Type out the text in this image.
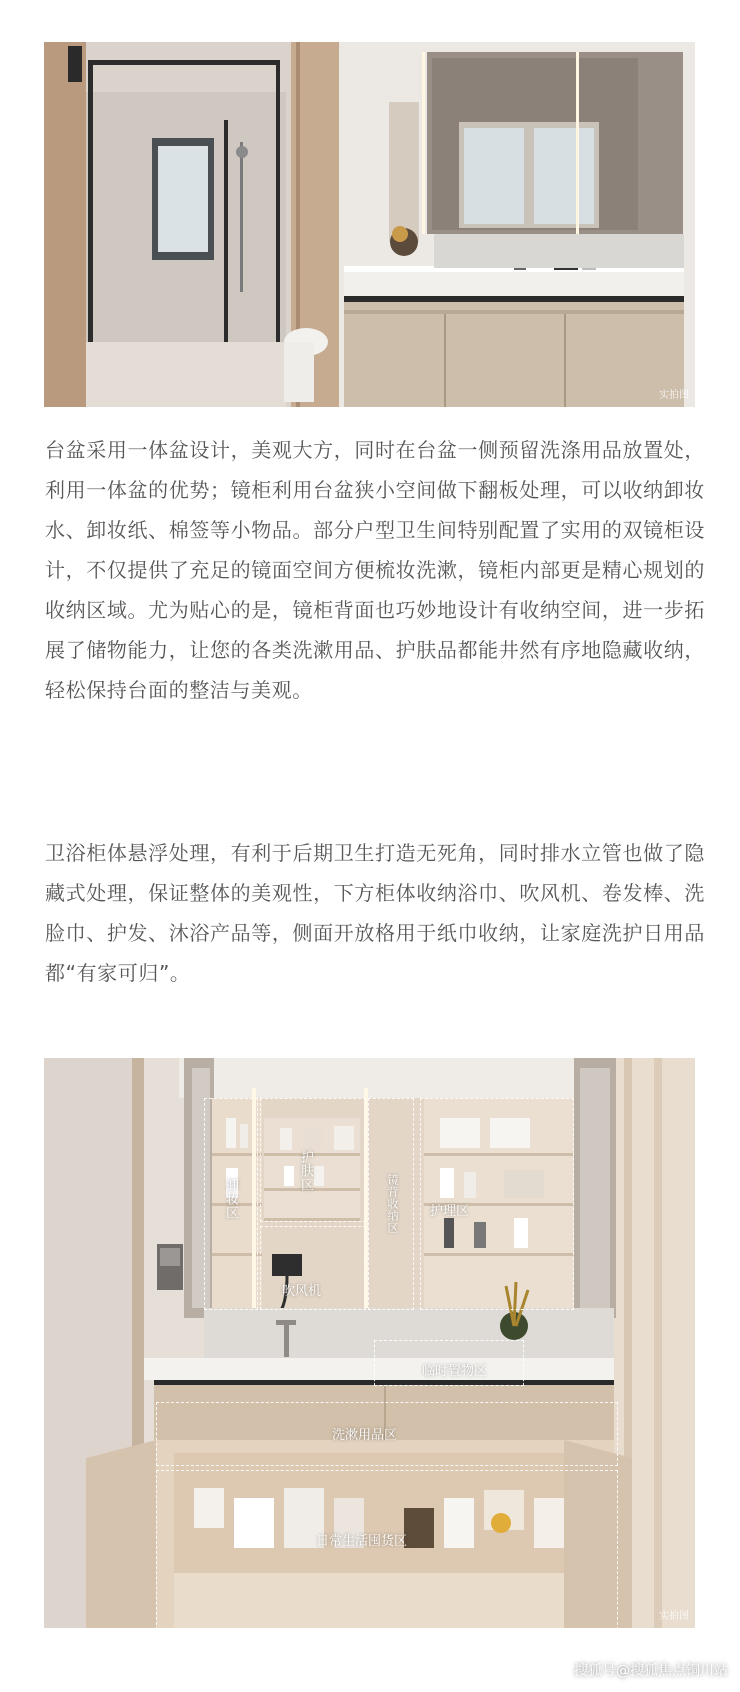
实拍图

台盆采用一体盆设计，美观大方，同时在台盆一侧预留洗涤用品放置处，利用一体盆的优势；镜柜利用台盆狭小空间做下翻板处理，可以收纳卸妆水、卸妆纸、棉签等小物品。部分户型卫生间特别配置了实用的双镜柜设计，不仅提供了充足的镜面空间方便梳妆洗漱，镜柜内部更是精心规划的收纳区域。尤为贴心的是，镜柜背面也巧妙地设计有收纳空间，进一步拓展了储物能力，让您的各类洗漱用品、护肤品都能井然有序地隐藏收纳，轻松保持台面的整洁与美观。

卫浴柜体悬浮处理，有利于后期卫生打造无死角，同时排水立管也做了隐藏式处理，保证整体的美观性，下方柜体收纳浴巾、吹风机、卷发棒、洗脸巾、护发、沐浴产品等，侧面开放格用于纸巾收纳，让家庭洗护日用品都“有家可归”。

卸妆区
护肤区
镜背收纳区 护理区
吹风机
临时置物区
洗漱用品区
日常生活囤货区
实拍图
搜狐号@搜狐焦点铜川站
